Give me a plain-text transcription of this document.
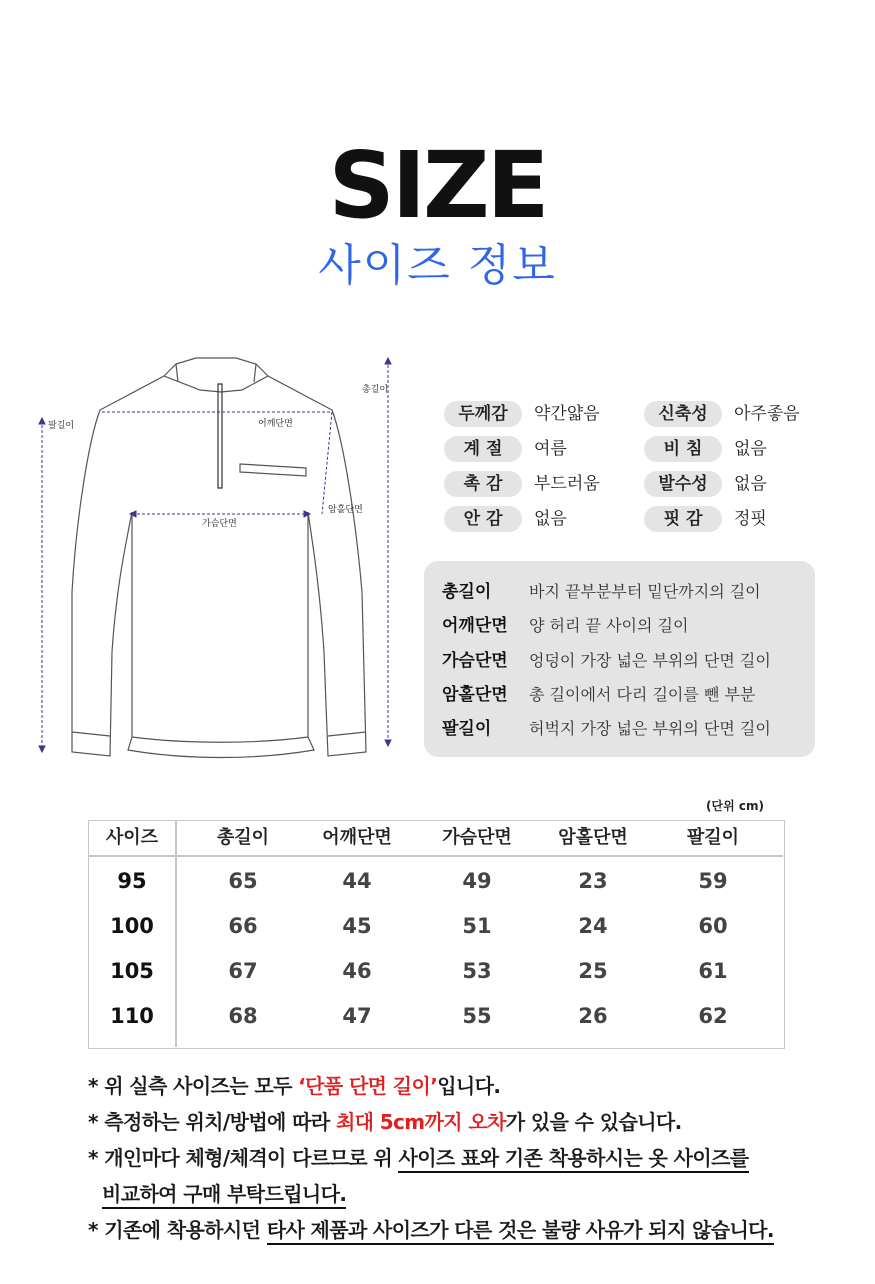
SIZE
사이즈 정보
총길이
어깨단면
가슴단면
암홀단면
팔길이
두께감	약간얇음	신축성	아주좋음
계 절	여름	비 침	없음
촉 감	부드러움	발수성	없음
안 감	없음	핏 감	정핏
총길이 바지 끝부분부터 밑단까지의 길이
어깨단면 양 허리 끝 사이의 길이
가슴단면 엉덩이 가장 넓은 부위의 단면 길이
암홀단면 총 길이에서 다리 길이를 뺀 부분
팔길이 허벅지 가장 넓은 부위의 단면 길이
(단위 cm)
사이즈	총길이	어깨단면	가슴단면	암홀단면	팔길이
95	65	44	49	23	59
100	66	45	51	24	60
105	67	46	53	25	61
110	68	47	55	26	62
* 위 실측 사이즈는 모두 ‘단품 단면 길이’입니다.
* 측정하는 위치/방법에 따라 최대 5cm까지 오차가 있을 수 있습니다.
* 개인마다 체형/체격이 다르므로 위 사이즈 표와 기존 착용하시는 옷 사이즈를
비교하여 구매 부탁드립니다.
* 기존에 착용하시던 타사 제품과 사이즈가 다른 것은 불량 사유가 되지 않습니다.
